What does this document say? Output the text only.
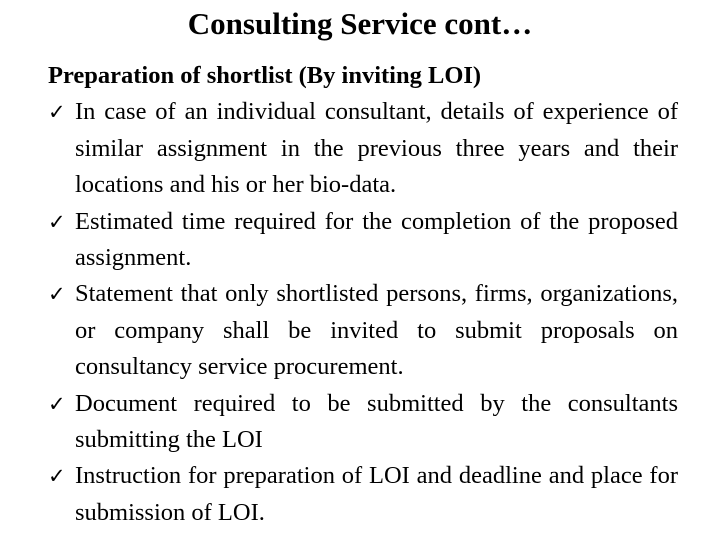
Consulting Service cont…
Preparation of shortlist (By inviting LOI)
✓ In case of an individual consultant, details of experience of similar assignment in the previous three years and their locations and his or her bio-data.
✓ Estimated time required for the completion of the proposed assignment.
✓ Statement that only shortlisted persons, firms, organizations, or company shall be invited to submit proposals on consultancy service procurement.
✓ Document required to be submitted by the consultants submitting the LOI
✓ Instruction for preparation of LOI and deadline and place for submission of LOI.
